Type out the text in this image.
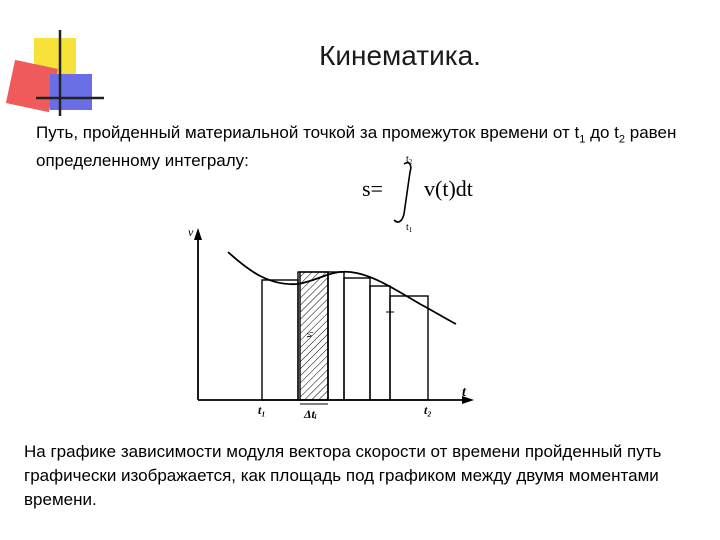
Кинематика.
Путь, пройденный материальной точкой за промежуток времени от $t_1$ до $t_2$ равен определенному интегралу:
s=
$t_2$
$t_1$
v(t)dt
v
t
vᵢ
t₁	t₂
Δtᵢ
На графике зависимости модуля вектора скорости от времени пройденный путь графически изображается, как площадь под графиком между двумя моментами времени.
